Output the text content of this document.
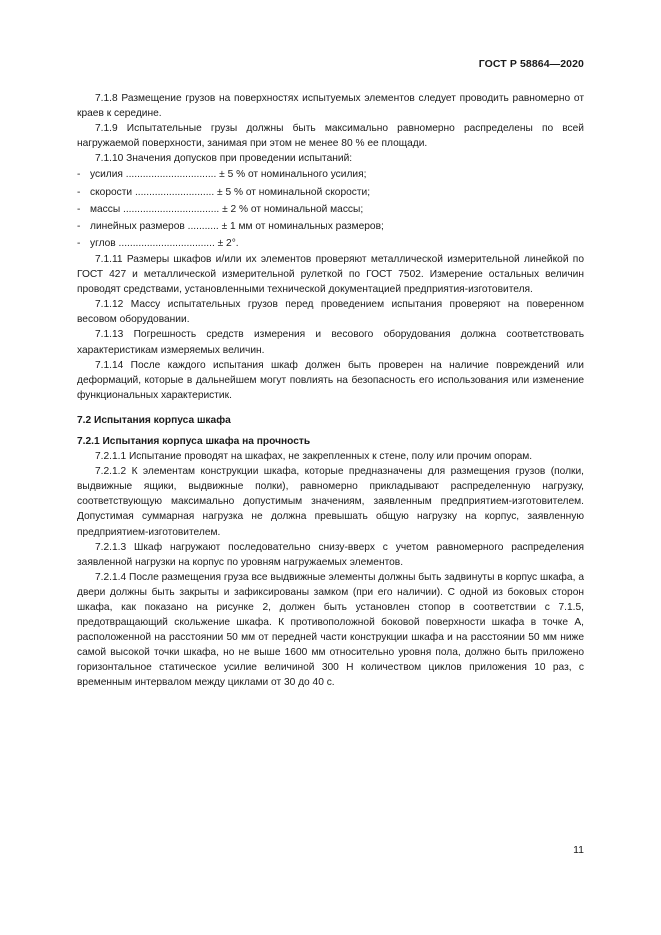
ГОСТ Р 58864—2020

7.1.8 Размещение грузов на поверхностях испытуемых элементов следует проводить равномерно от краев к середине.

7.1.9 Испытательные грузы должны быть максимально равномерно распределены по всей нагружаемой поверхности, занимая при этом не менее 80 % ее площади.

7.1.10 Значения допусков при проведении испытаний:

- усилия ................................ ± 5 % от номинального усилия;
- скорости ............................ ± 5 % от номинальной скорости;
- массы .................................. ± 2 % от номинальной массы;
- линейных размеров ........... ± 1 мм от номинальных размеров;
- углов .................................. ± 2°.

7.1.11 Размеры шкафов и/или их элементов проверяют металлической измерительной линейкой по ГОСТ 427 и металлической измерительной рулеткой по ГОСТ 7502. Измерение остальных величин проводят средствами, установленными технической документацией предприятия-изготовителя.

7.1.12 Массу испытательных грузов перед проведением испытания проверяют на поверенном весовом оборудовании.

7.1.13 Погрешность средств измерения и весового оборудования должна соответствовать характеристикам измеряемых величин.

7.1.14 После каждого испытания шкаф должен быть проверен на наличие повреждений или деформаций, которые в дальнейшем могут повлиять на безопасность его использования или изменение функциональных характеристик.

7.2 Испытания корпуса шкафа

7.2.1 Испытания корпуса шкафа на прочность

7.2.1.1 Испытание проводят на шкафах, не закрепленных к стене, полу или прочим опорам.

7.2.1.2 К элементам конструкции шкафа, которые предназначены для размещения грузов (полки, выдвижные ящики, выдвижные полки), равномерно прикладывают распределенную нагрузку, соответствующую максимально допустимым значениям, заявленным предприятием-изготовителем. Допустимая суммарная нагрузка не должна превышать общую нагрузку на корпус, заявленную предприятием-изготовителем.

7.2.1.3 Шкаф нагружают последовательно снизу-вверх с учетом равномерного распределения заявленной нагрузки на корпус по уровням нагружаемых элементов.

7.2.1.4 После размещения груза все выдвижные элементы должны быть задвинуты в корпус шкафа, а двери должны быть закрыты и зафиксированы замком (при его наличии). С одной из боковых сторон шкафа, как показано на рисунке 2, должен быть установлен стопор в соответствии с 7.1.5, предотвращающий скольжение шкафа. К противоположной боковой поверхности шкафа в точке А, расположенной на расстоянии 50 мм от передней части конструкции шкафа и на расстоянии 50 мм ниже самой высокой точки шкафа, но не выше 1600 мм относительно уровня пола, должно быть приложено горизонтальное статическое усилие величиной 300 Н количеством циклов приложения 10 раз, с временным интервалом между циклами от 30 до 40 с.

11
